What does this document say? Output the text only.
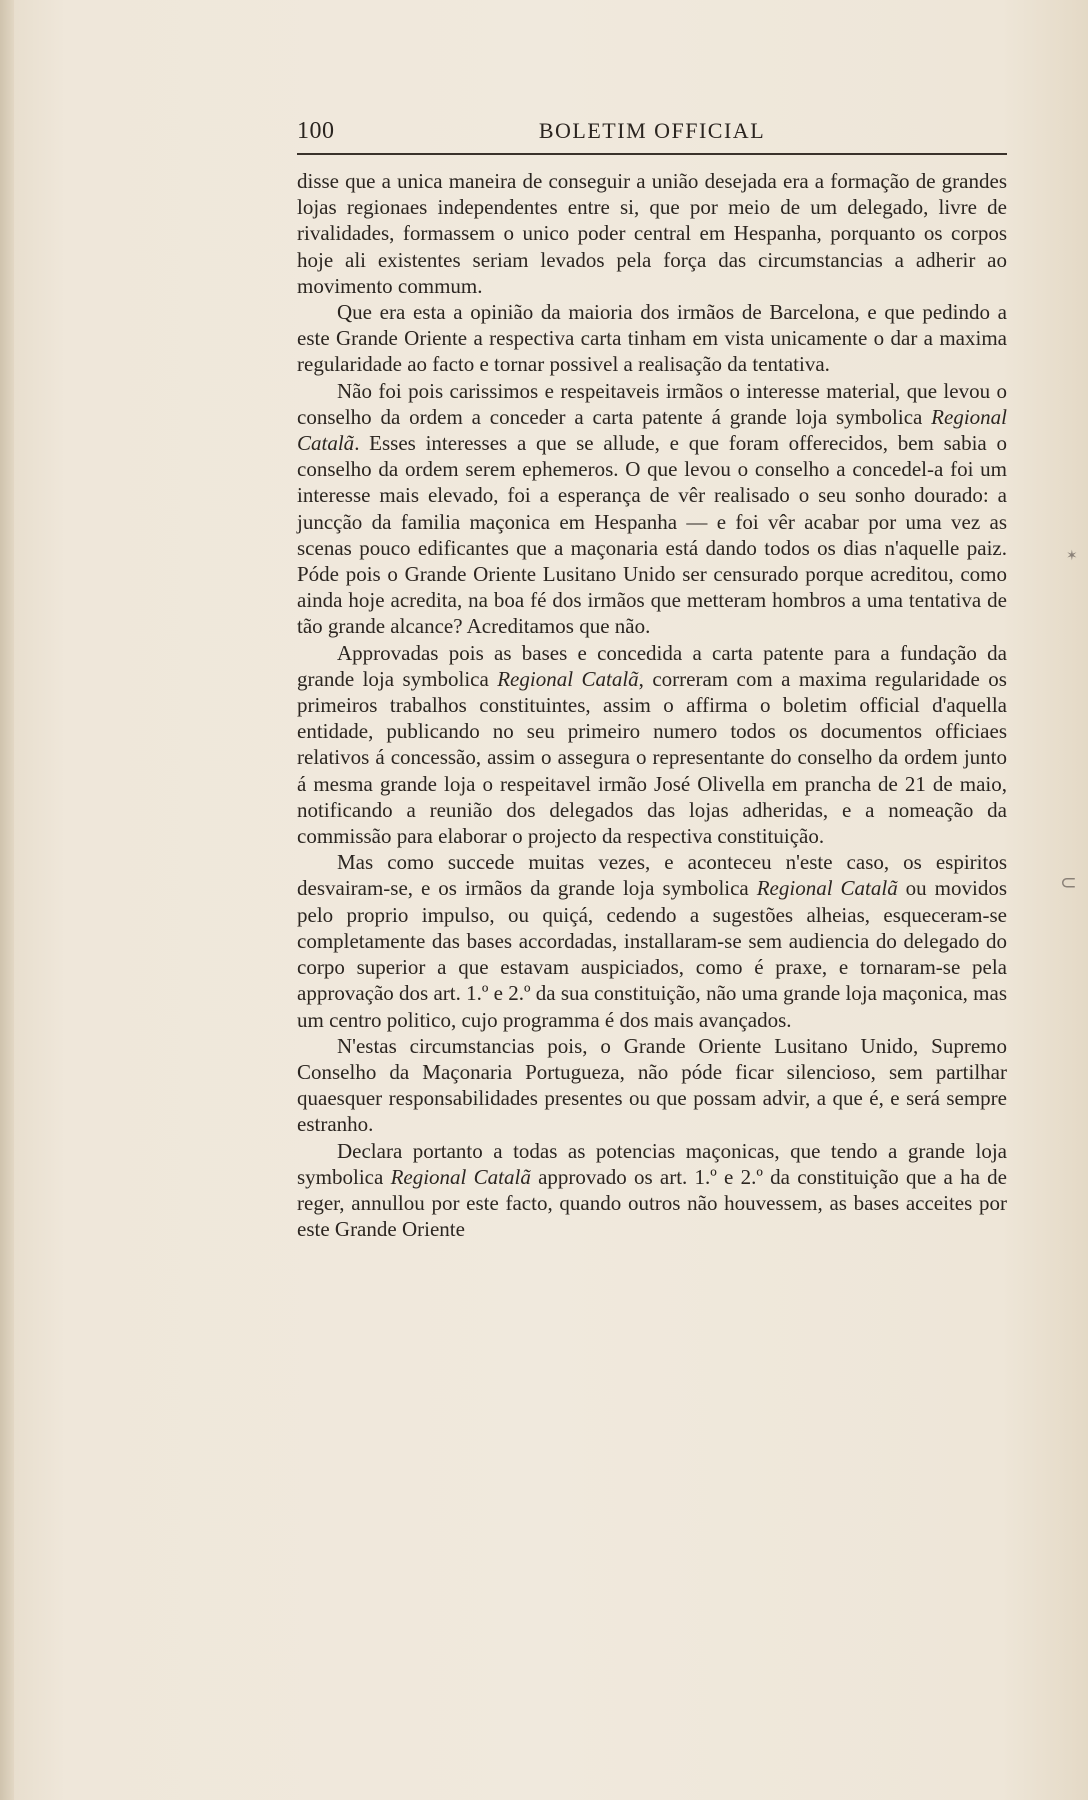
100	BOLETIM OFFICIAL

disse que a unica maneira de conseguir a união desejada era a formação de grandes lojas regionaes independentes entre si, que por meio de um delegado, livre de rivalidades, formassem o unico poder central em Hespanha, porquanto os corpos hoje ali existentes seriam levados pela força das circumstancias a adherir ao movimento commum.

Que era esta a opinião da maioria dos irmãos de Barcelona, e que pedindo a este Grande Oriente a respectiva carta tinham em vista unicamente o dar a maxima regularidade ao facto e tornar possivel a realisação da tentativa.

Não foi pois carissimos e respeitaveis irmãos o interesse material, que levou o conselho da ordem a conceder a carta patente á grande loja symbolica Regional Catalã. Esses interesses a que se allude, e que foram offerecidos, bem sabia o conselho da ordem serem ephemeros. O que levou o conselho a concedel-a foi um interesse mais elevado, foi a esperança de vêr realisado o seu sonho dourado: a juncção da familia maçonica em Hespanha — e foi vêr acabar por uma vez as scenas pouco edificantes que a maçonaria está dando todos os dias n'aquelle paiz. Póde pois o Grande Oriente Lusitano Unido ser censurado porque acreditou, como ainda hoje acredita, na boa fé dos irmãos que metteram hombros a uma tentativa de tão grande alcance? Acreditamos que não.

Approvadas pois as bases e concedida a carta patente para a fundação da grande loja symbolica Regional Catalã, correram com a maxima regularidade os primeiros trabalhos constituintes, assim o affirma o boletim official d'aquella entidade, publicando no seu primeiro numero todos os documentos officiaes relativos á concessão, assim o assegura o representante do conselho da ordem junto á mesma grande loja o respeitavel irmão José Olivella em prancha de 21 de maio, notificando a reunião dos delegados das lojas adheridas, e a nomeação da commissão para elaborar o projecto da respectiva constituição.

Mas como succede muitas vezes, e aconteceu n'este caso, os espiritos desvairam-se, e os irmãos da grande loja symbolica Regional Catalã ou movidos pelo proprio impulso, ou quiçá, cedendo a sugestões alheias, esqueceram-se completamente das bases accordadas, installaram-se sem audiencia do delegado do corpo superior a que estavam auspiciados, como é praxe, e tornaram-se pela approvação dos art. 1.º e 2.º da sua constituição, não uma grande loja maçonica, mas um centro politico, cujo programma é dos mais avançados.

N'estas circumstancias pois, o Grande Oriente Lusitano Unido, Supremo Conselho da Maçonaria Portugueza, não póde ficar silencioso, sem partilhar quaesquer responsabilidades presentes ou que possam advir, a que é, e será sempre estranho.

Declara portanto a todas as potencias maçonicas, que tendo a grande loja symbolica Regional Catalã approvado os art. 1.º e 2.º da constituição que a ha de reger, annullou por este facto, quando outros não houvessem, as bases acceites por este Grande Oriente

✶
⊂
